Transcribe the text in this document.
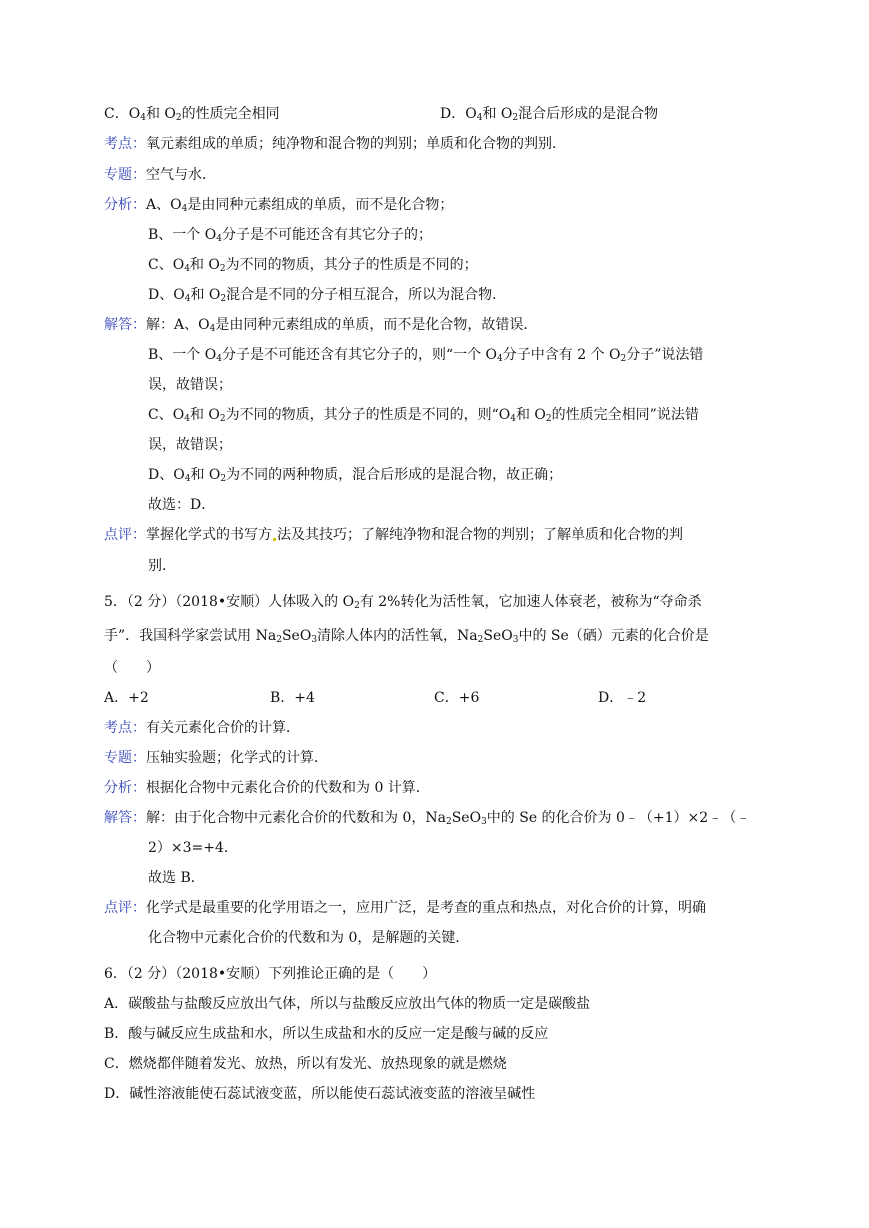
C．$O_4$和 $O_2$的性质完全相同	D．$O_4$和 $O_2$混合后形成的是混合物
考点：氧元素组成的单质；纯净物和混合物的判别；单质和化合物的判别．
专题：空气与水．
分析：A、$O_4$是由同种元素组成的单质，而不是化合物；
B、一个 $O_4$分子是不可能还含有其它分子的；
C、$O_4$和 $O_2$为不同的物质，其分子的性质是不同的；
D、$O_4$和 $O_2$混合是不同的分子相互混合，所以为混合物．
解答：解：A、$O_4$是由同种元素组成的单质，而不是化合物，故错误．
B、一个 $O_4$分子是不可能还含有其它分子的，则“一个 $O_4$分子中含有 2 个 $O_2$分子”说法错
误，故错误；
C、$O_4$和 $O_2$为不同的物质，其分子的性质是不同的，则“$O_4$和 $O_2$的性质完全相同”说法错
误，故错误；
D、$O_4$和 $O_2$为不同的两种物质，混合后形成的是混合物，故正确；
故选：D．
点评：掌握化学式的书写方 法及其技巧；了解纯净物和混合物的判别；了解单质和化合物的判
别．
5．（2 分）（2018•安顺）人体吸入的 $O_2$有 2%转化为活性氧，它加速人体衰老，被称为“夺命杀
手”．我国科学家尝试用 $Na_2SeO_3$清除人体内的活性氧，$Na_2SeO_3$中的 Se（硒）元素的化合价是
（　　）
A．+2	B．+4	C．+6	D．﹣2
考点：有关元素化合价的计算．
专题：压轴实验题；化学式的计算．
分析：根据化合物中元素化合价的代数和为 0 计算．
解答：解：由于化合物中元素化合价的代数和为 0，$Na_2SeO_3$中的 Se 的化合价为 0﹣（+1）×2﹣（﹣
2）×3=+4．
故选 B．
点评：化学式是最重要的化学用语之一，应用广泛，是考查的重点和热点，对化合价的计算，明确
化合物中元素化合价的代数和为 0，是解题的关键．
6．（2 分）（2018•安顺）下列推论正确的是（　　）
A．碳酸盐与盐酸反应放出气体，所以与盐酸反应放出气体的物质一定是碳酸盐
B．酸与碱反应生成盐和水，所以生成盐和水的反应一定是酸与碱的反应
C．燃烧都伴随着发光、放热，所以有发光、放热现象的就是燃烧
D．碱性溶液能使石蕊试液变蓝，所以能使石蕊试液变蓝的溶液呈碱性
